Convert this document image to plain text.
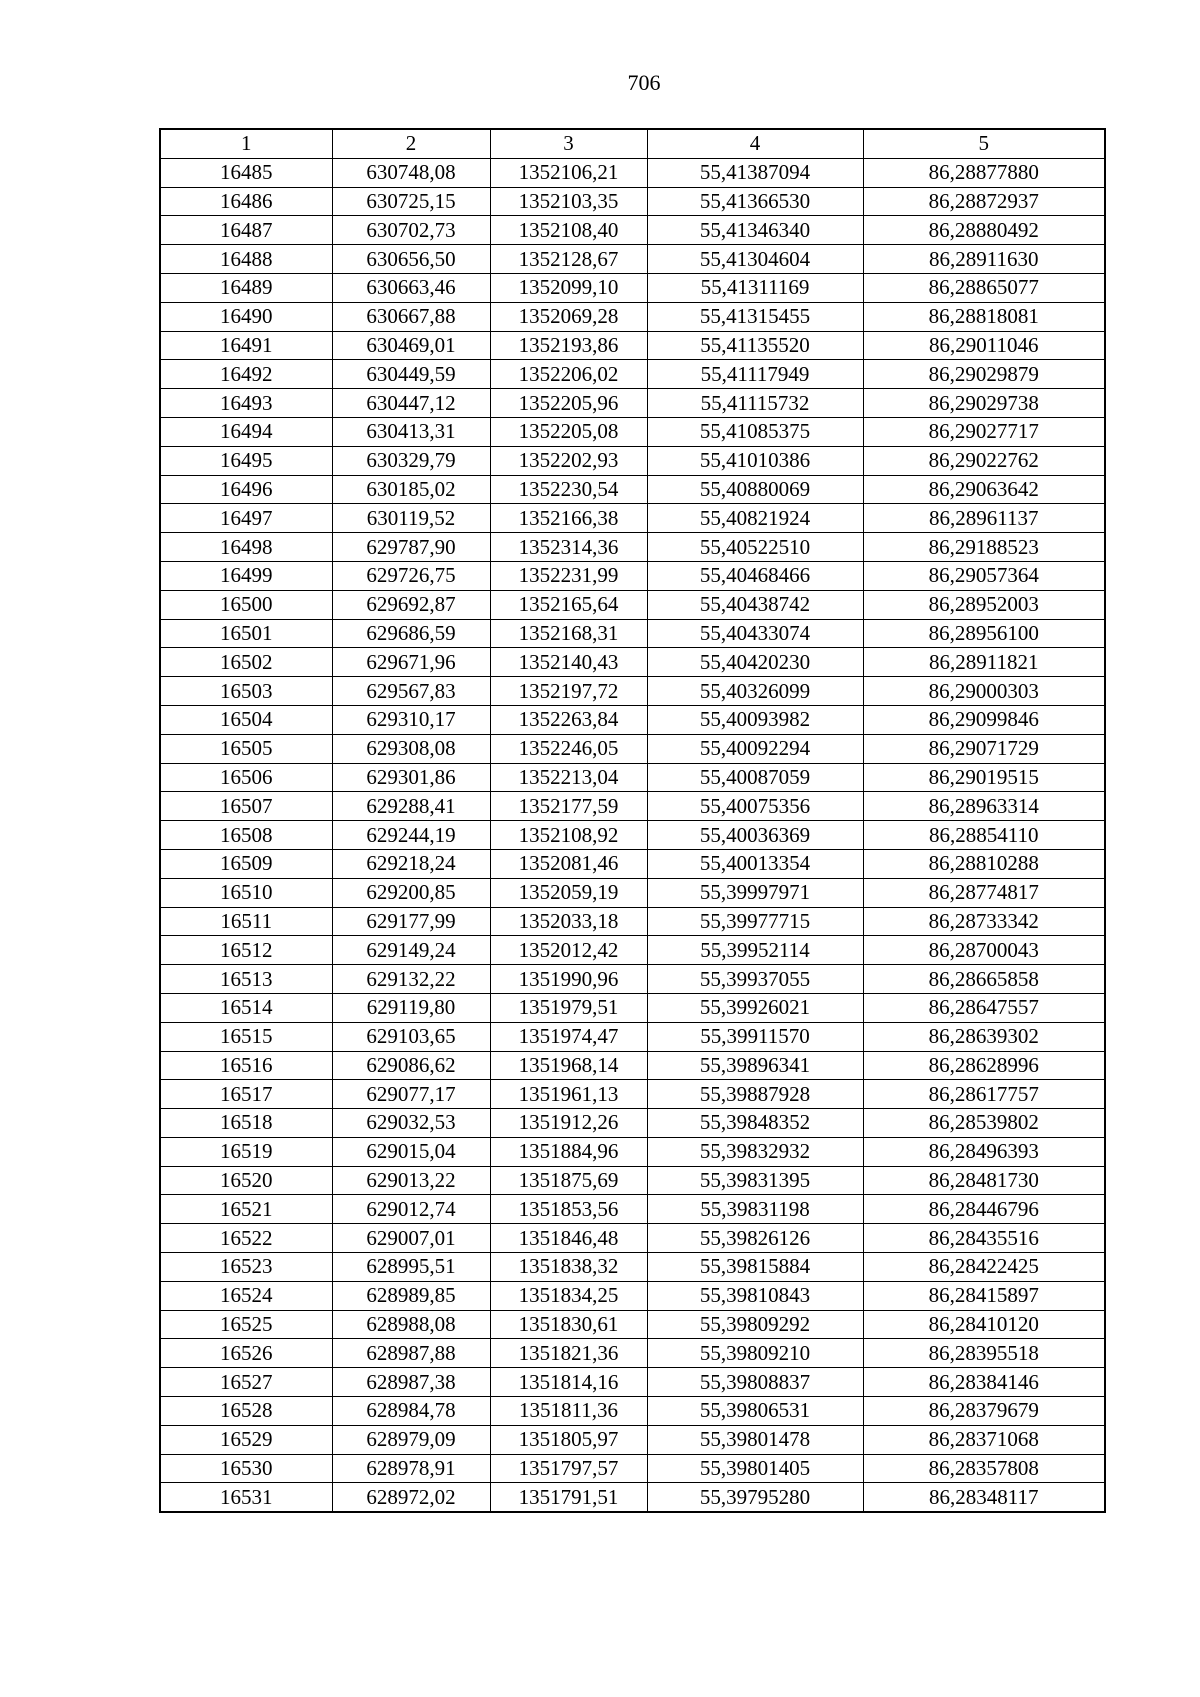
706
1	2	3	4	5
16485	630748,08	1352106,21	55,41387094	86,28877880
16486	630725,15	1352103,35	55,41366530	86,28872937
16487	630702,73	1352108,40	55,41346340	86,28880492
16488	630656,50	1352128,67	55,41304604	86,28911630
16489	630663,46	1352099,10	55,41311169	86,28865077
16490	630667,88	1352069,28	55,41315455	86,28818081
16491	630469,01	1352193,86	55,41135520	86,29011046
16492	630449,59	1352206,02	55,41117949	86,29029879
16493	630447,12	1352205,96	55,41115732	86,29029738
16494	630413,31	1352205,08	55,41085375	86,29027717
16495	630329,79	1352202,93	55,41010386	86,29022762
16496	630185,02	1352230,54	55,40880069	86,29063642
16497	630119,52	1352166,38	55,40821924	86,28961137
16498	629787,90	1352314,36	55,40522510	86,29188523
16499	629726,75	1352231,99	55,40468466	86,29057364
16500	629692,87	1352165,64	55,40438742	86,28952003
16501	629686,59	1352168,31	55,40433074	86,28956100
16502	629671,96	1352140,43	55,40420230	86,28911821
16503	629567,83	1352197,72	55,40326099	86,29000303
16504	629310,17	1352263,84	55,40093982	86,29099846
16505	629308,08	1352246,05	55,40092294	86,29071729
16506	629301,86	1352213,04	55,40087059	86,29019515
16507	629288,41	1352177,59	55,40075356	86,28963314
16508	629244,19	1352108,92	55,40036369	86,28854110
16509	629218,24	1352081,46	55,40013354	86,28810288
16510	629200,85	1352059,19	55,39997971	86,28774817
16511	629177,99	1352033,18	55,39977715	86,28733342
16512	629149,24	1352012,42	55,39952114	86,28700043
16513	629132,22	1351990,96	55,39937055	86,28665858
16514	629119,80	1351979,51	55,39926021	86,28647557
16515	629103,65	1351974,47	55,39911570	86,28639302
16516	629086,62	1351968,14	55,39896341	86,28628996
16517	629077,17	1351961,13	55,39887928	86,28617757
16518	629032,53	1351912,26	55,39848352	86,28539802
16519	629015,04	1351884,96	55,39832932	86,28496393
16520	629013,22	1351875,69	55,39831395	86,28481730
16521	629012,74	1351853,56	55,39831198	86,28446796
16522	629007,01	1351846,48	55,39826126	86,28435516
16523	628995,51	1351838,32	55,39815884	86,28422425
16524	628989,85	1351834,25	55,39810843	86,28415897
16525	628988,08	1351830,61	55,39809292	86,28410120
16526	628987,88	1351821,36	55,39809210	86,28395518
16527	628987,38	1351814,16	55,39808837	86,28384146
16528	628984,78	1351811,36	55,39806531	86,28379679
16529	628979,09	1351805,97	55,39801478	86,28371068
16530	628978,91	1351797,57	55,39801405	86,28357808
16531	628972,02	1351791,51	55,39795280	86,28348117
